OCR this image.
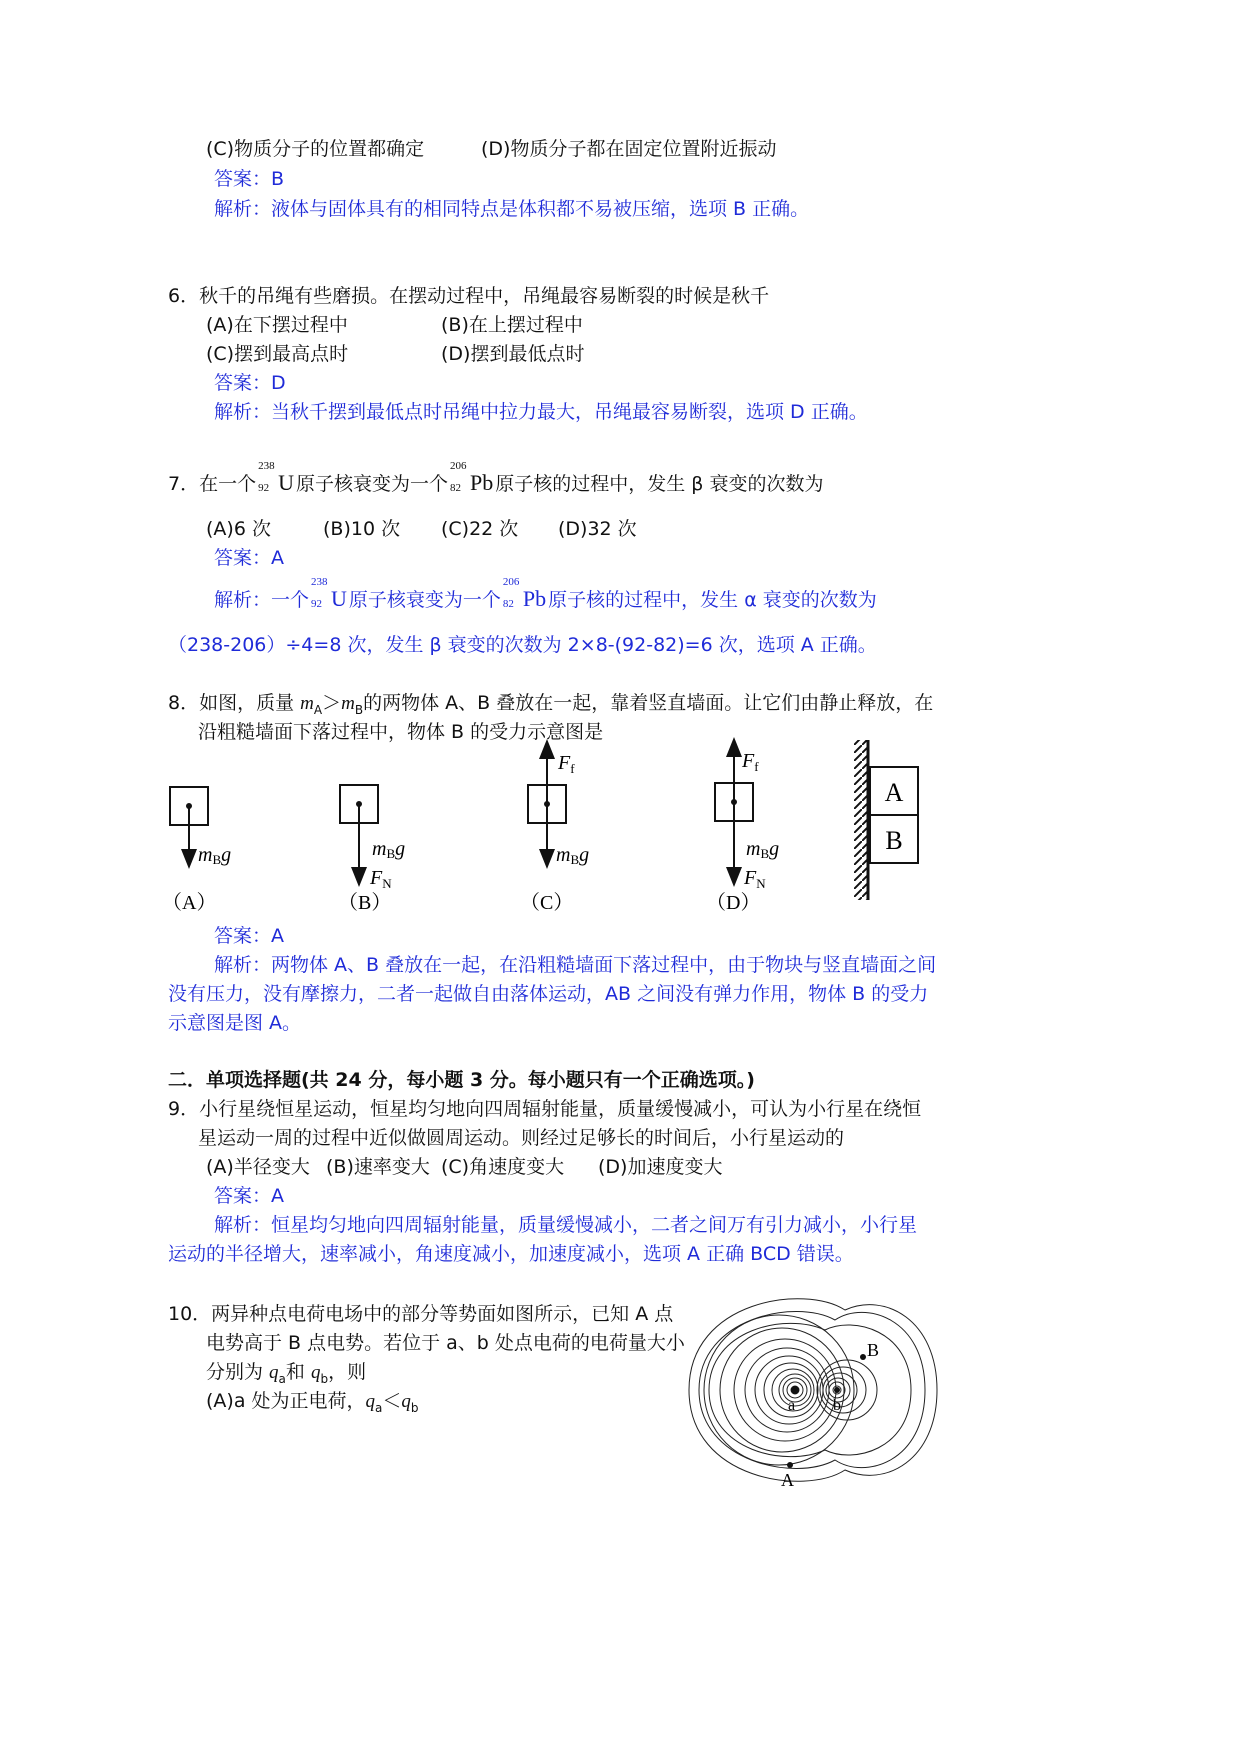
(C)物质分子的位置都确定	(D)物质分子都在固定位置附近振动
答案：B
解析：液体与固体具有的相同特点是体积都不易被压缩，选项 B 正确。
6．秋千的吊绳有些磨损。在摆动过程中，吊绳最容易断裂的时候是秋千
(A)在下摆过程中	(B)在上摆过程中
(C)摆到最高点时	(D)摆到最低点时
答案：D
解析：当秋千摆到最低点时吊绳中拉力最大，吊绳最容易断裂，选项 D 正确。
7．在一个
238
92 U 原子核衰变为一个
206
82 Pb 原子核的过程中，发生 β 衰变的次数为
(A)6 次	(B)10 次 (C)22 次 (D)32 次
答案：A
解析：一个
238
92 U 原子核衰变为一个
206
82 Pb 原子核的过程中，发生 α 衰变的次数为
（238-206）÷4=8 次，发生 β 衰变的次数为 2×8-(92-82)=6 次，选项 A 正确。
8．如图，质量 $m_A>m_B$的两物体 A、B 叠放在一起，靠着竖直墙面。让它们由静止释放，在
沿粗糙墙面下落过程中，物体 B 的受力示意图是
mBg
（A）
mBg
$F_N$
（B）
$F_f$
mBg
（C）
$F_f$
mBg
$F_N$
（D）
A
B
答案：A
解析：两物体 A、B 叠放在一起，在沿粗糙墙面下落过程中，由于物块与竖直墙面之间
没有压力，没有摩擦力，二者一起做自由落体运动，AB 之间没有弹力作用，物体 B 的受力
示意图是图 A。
二．单项选择题(共 24 分，每小题 3 分。每小题只有一个正确选项。)
9．小行星绕恒星运动，恒星均匀地向四周辐射能量，质量缓慢减小，可认为小行星在绕恒
星运动一周的过程中近似做圆周运动。则经过足够长的时间后，小行星运动的
(A)半径变大 (B)速率变大 (C)角速度变大 (D)加速度变大
答案：A
解析：恒星均匀地向四周辐射能量，质量缓慢减小，二者之间万有引力减小，小行星
运动的半径增大，速率减小，角速度减小，加速度减小，选项 A 正确 BCD 错误。
10．两异种点电荷电场中的部分等势面如图所示，已知 A 点
电势高于 B 点电势。若位于 a、b 处点电荷的电荷量大小
分别为 $q_a$和 $q_b$，则
(A)a 处为正电荷，$q_a<q_b$	a b
B
A
